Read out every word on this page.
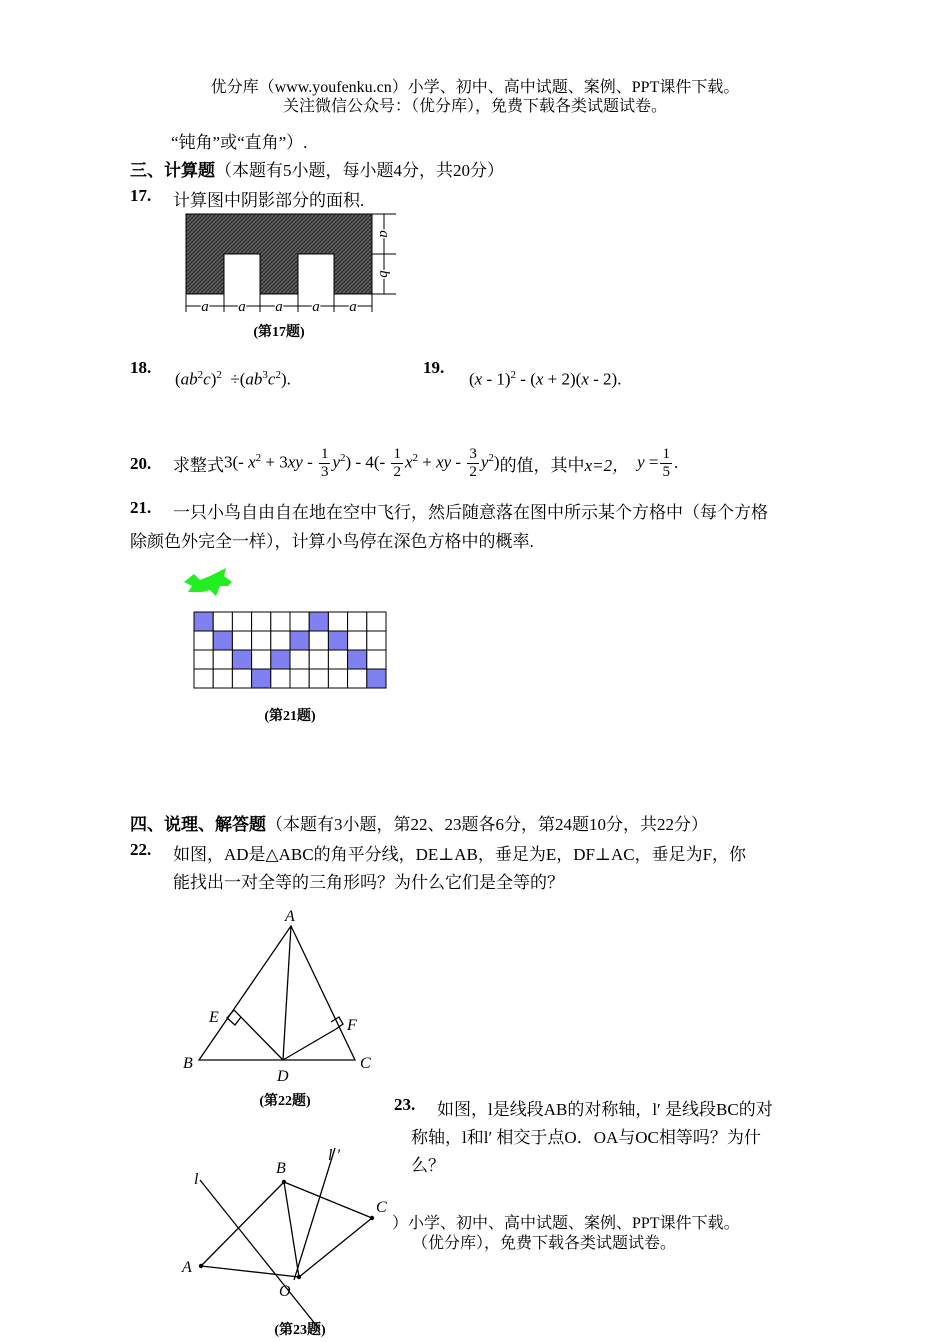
优分库（www.youfenku.cn）小学、初中、高中试题、案例、PPT课件下载。
关注微信公众号：（优分库），免费下载各类试题试卷。
“钝角”或“直角”）.
三、计算题（本题有5小题，每小题4分，共20分）
17. 计算图中阴影部分的面积.
a a a a a
a
b
(第17题)
18.
$(ab^2c)^2 \div(ab^3c^2)$.
19.
(x - 1)$^2$ - (x + 2)(x - 2).
20. 求整式 3(- $x^2 + 3xy - \frac{1}{3} y^2) - 4(- \frac{1}{2} x^2$ + xy - $\frac{3}{2} y^2$) 的值，其中 x=2， $y = \frac{1}{5}$ .
21. 一只小鸟自由自在地在空中飞行，然后随意落在图中所示某个方格中（每个方格
除颜色外完全一样），计算小鸟停在深色方格中的概率.
(第21题)
四、说理、解答题（本题有3小题，第22、23题各6分，第24题10分，共22分）
22. 如图，AD是△ABC的角平分线，DE⊥AB，垂足为E，DF⊥AC，垂足为F，你
能找出一对全等的三角形吗？为什么它们是全等的？
A
B	C
D
E	F
(第22题)	23. 如图，l是线段AB的对称轴，l′ 是线段BC的对
称轴，l和l′ 相交于点O．OA与OC相等吗？为什
么？
l
l ′
A
B
C
O
(第23题)
）小学、初中、高中试题、案例、PPT课件下载。
（优分库），免费下载各类试题试卷。
